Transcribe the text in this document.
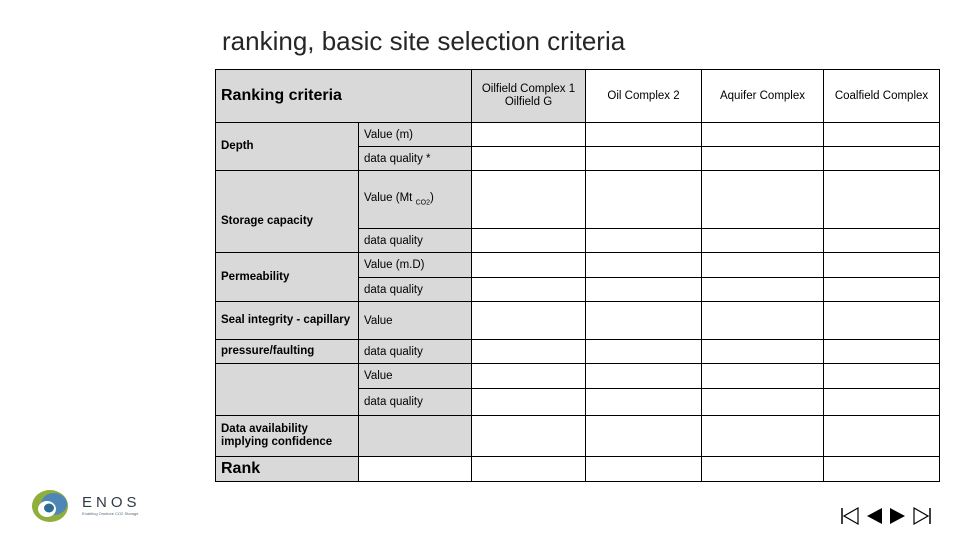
ranking, basic site selection criteria
Ranking criteria		Oilfield Complex 1 Oilfield G	Oil Complex 2	Aquifer Complex	Coalfield Complex
Depth	Value (m)				
	data quality *				
Storage capacity	Value (Mt $_{CO2}$)				
	data quality				
Permeability	Value (m.D)				
	data quality				
Seal integrity - capillary	Value				
pressure/faulting	data quality				
	Value				
	data quality				
Data availability implying confidence					
Rank					
ENOS
Enabling Onshore CO2 Storage
